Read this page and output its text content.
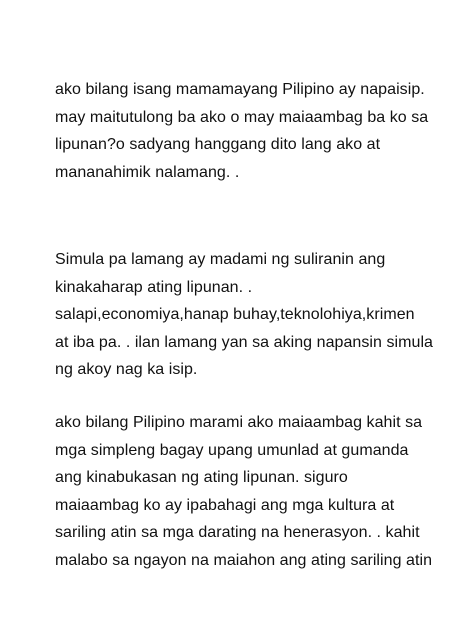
ako bilang isang mamamayang Pilipino ay napaisip.
may maitutulong ba ako o may maiaambag ba ko sa
lipunan?o sadyang hanggang dito lang ako at
mananahimik nalamang. .

Simula pa lamang ay madami ng suliranin ang
kinakaharap ating lipunan. .
salapi,economiya,hanap buhay,teknolohiya,krimen
at iba pa. . ilan lamang yan sa aking napansin simula
ng akoy nag ka isip.

ako bilang Pilipino marami ako maiaambag kahit sa
mga simpleng bagay upang umunlad at gumanda
ang kinabukasan ng ating lipunan. siguro
maiaambag ko ay ipabahagi ang mga kultura at
sariling atin sa mga darating na henerasyon. . kahit
malabo sa ngayon na maiahon ang ating sariling atin
